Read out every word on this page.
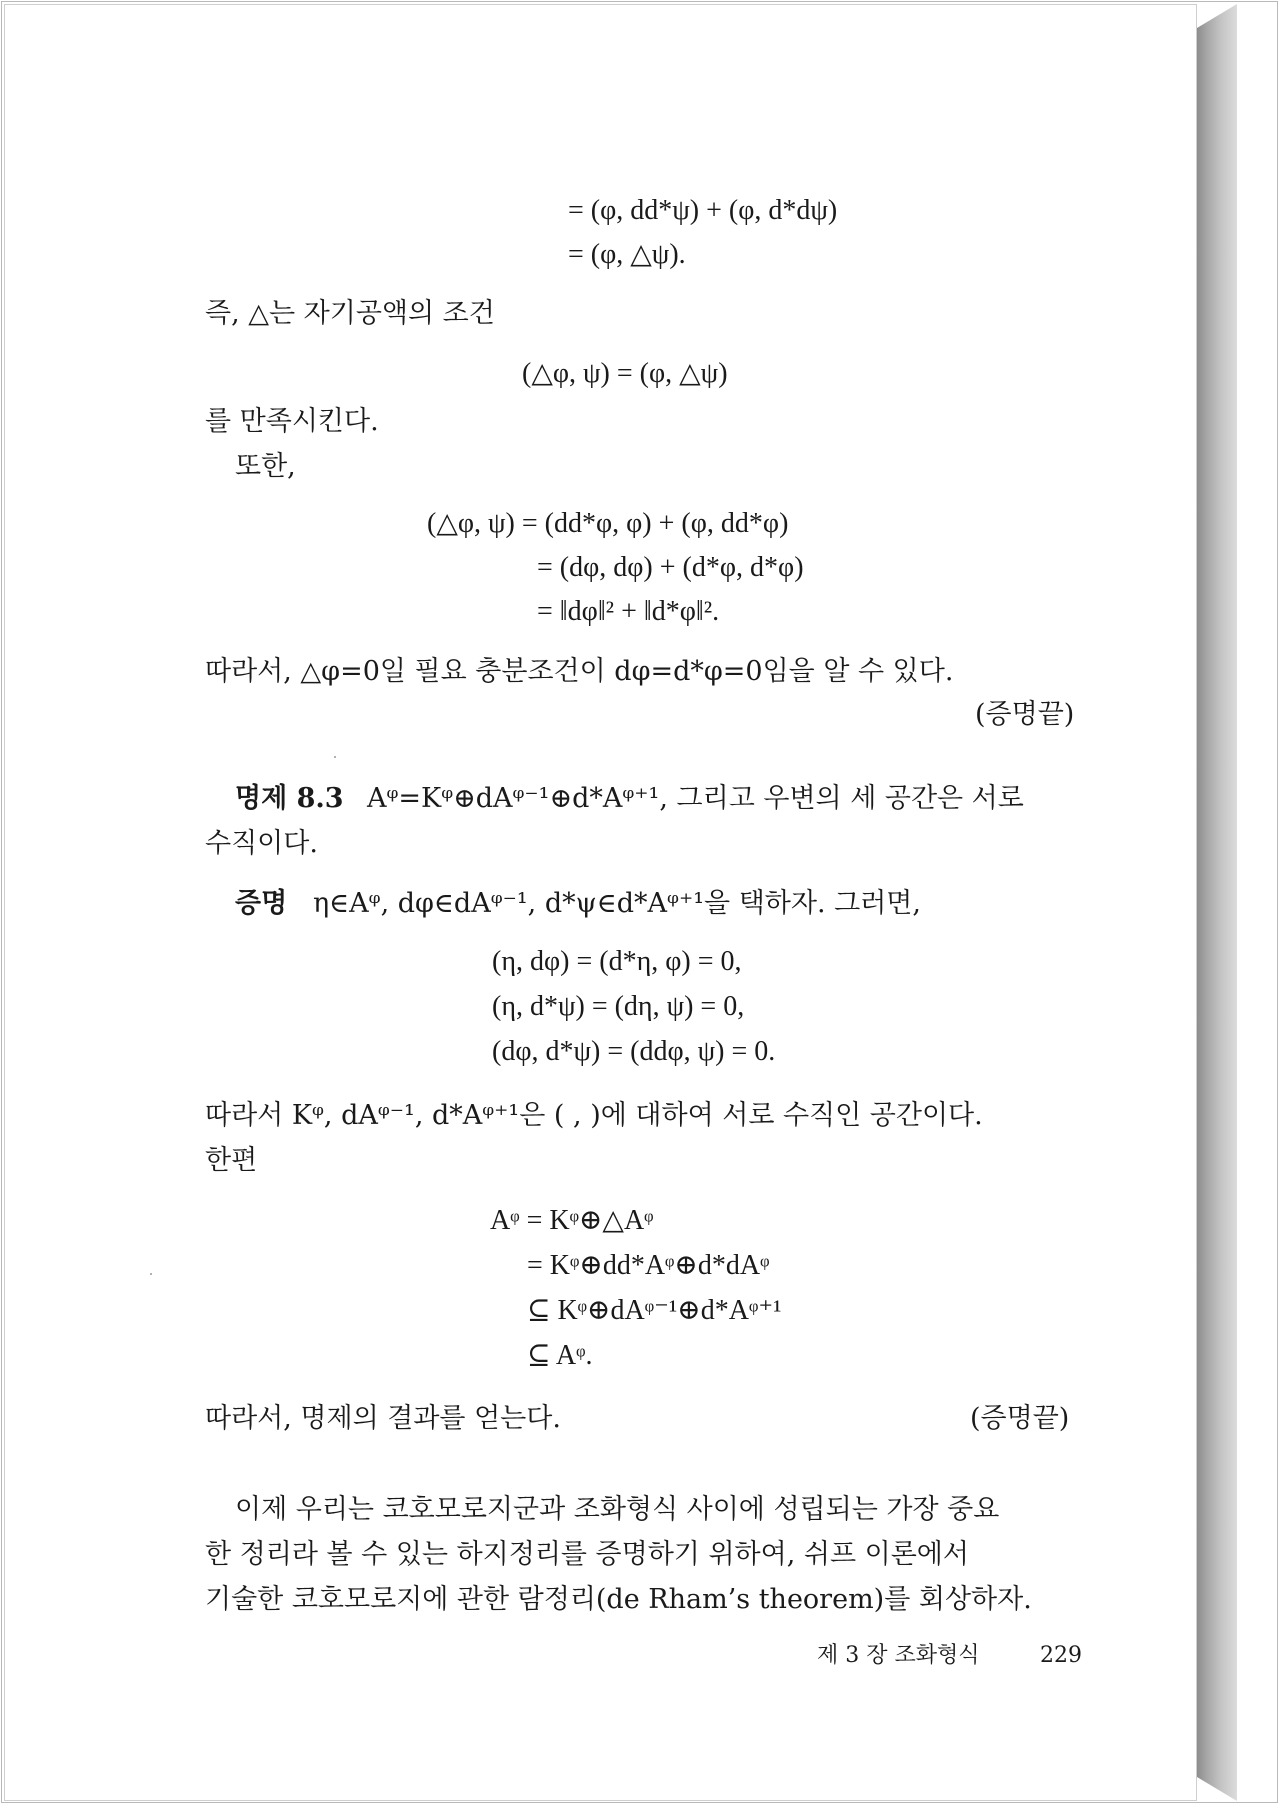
= (φ, dd*ψ) + (φ, d*dψ)
= (φ, △ψ).
즉, △는 자기공액의 조건
(△φ, ψ) = (φ, △ψ)
를 만족시킨다.
또한,
(△φ, ψ) = (dd*φ, φ) + (φ, dd*φ)
= (dφ, dφ) + (d*φ, d*φ)
= ‖dφ‖² + ‖d*φ‖².
따라서, △φ=0일 필요 충분조건이 dφ=d*φ=0임을 알 수 있다.
(증명끝)
명제 8.3 Aᵠ=Kᵠ⊕dAᵠ⁻¹⊕d*Aᵠ⁺¹, 그리고 우변의 세 공간은 서로
수직이다.
증명 η∈Aᵠ, dφ∈dAᵠ⁻¹, d*ψ∈d*Aᵠ⁺¹을 택하자. 그러면,
(η, dφ) = (d*η, φ) = 0,
(η, d*ψ) = (dη, ψ) = 0,
(dφ, d*ψ) = (ddφ, ψ) = 0.
따라서 Kᵠ, dAᵠ⁻¹, d*Aᵠ⁺¹은 ( , )에 대하여 서로 수직인 공간이다.
한편
Aᵠ = Kᵠ⊕△Aᵠ
= Kᵠ⊕dd*Aᵠ⊕d*dAᵠ
⊆ Kᵠ⊕dAᵠ⁻¹⊕d*Aᵠ⁺¹
⊆ Aᵠ.
따라서, 명제의 결과를 얻는다.	(증명끝)
이제 우리는 코호모로지군과 조화형식 사이에 성립되는 가장 중요
한 정리라 볼 수 있는 하지정리를 증명하기 위하여, 쉬프 이론에서
기술한 코호모로지에 관한 람정리(de Rham’s theorem)를 회상하자.
제 3 장 조화형식	229
